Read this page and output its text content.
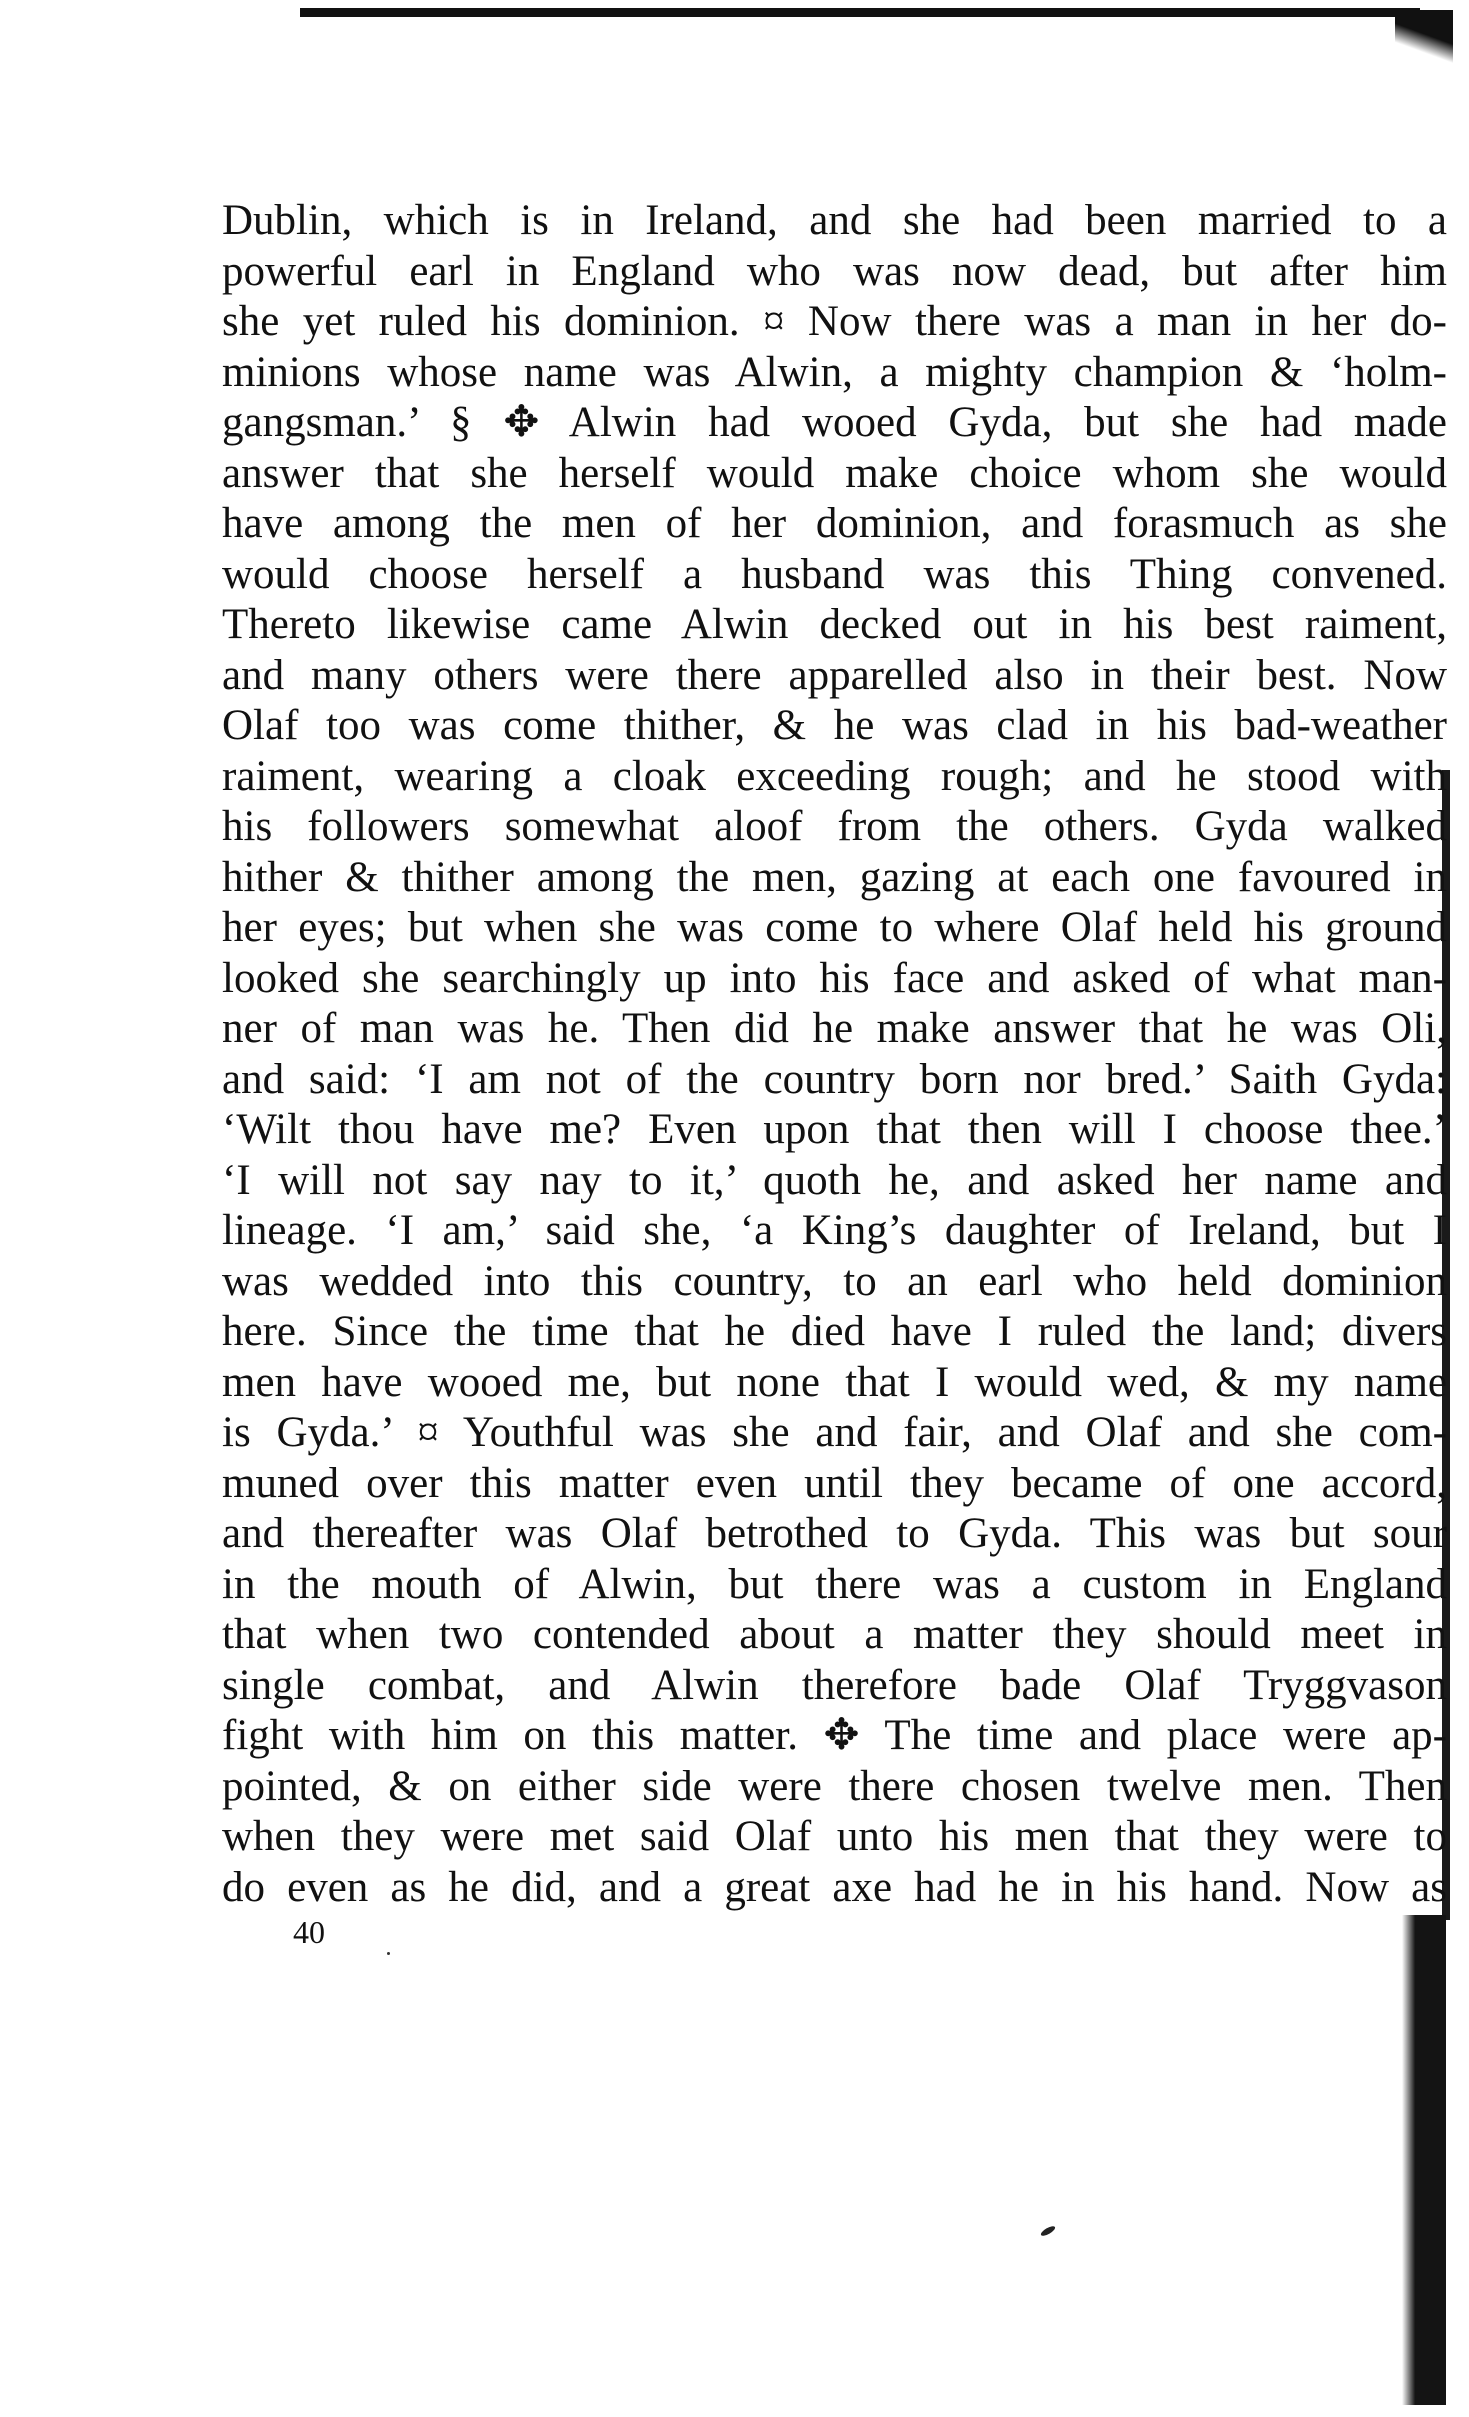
Dublin, which is in Ireland, and she had been married to a
powerful earl in England who was now dead, but after him
she yet ruled his dominion. ¤ Now there was a man in her do-
minions whose name was Alwin, a mighty champion & ‘holm-
gangsman.’ § ✥ Alwin had wooed Gyda, but she had made
answer that she herself would make choice whom she would
have among the men of her dominion, and forasmuch as she
would choose herself a husband was this Thing convened.
Thereto likewise came Alwin decked out in his best raiment,
and many others were there apparelled also in their best. Now
Olaf too was come thither, & he was clad in his bad-weather
raiment, wearing a cloak exceeding rough; and he stood with
his followers somewhat aloof from the others. Gyda walked
hither & thither among the men, gazing at each one favoured in
her eyes; but when she was come to where Olaf held his ground
looked she searchingly up into his face and asked of what man-
ner of man was he. Then did he make answer that he was Oli,
and said: ‘I am not of the country born nor bred.’ Saith Gyda:
‘Wilt thou have me? Even upon that then will I choose thee.’
‘I will not say nay to it,’ quoth he, and asked her name and
lineage. ‘I am,’ said she, ‘a King’s daughter of Ireland, but I
was wedded into this country, to an earl who held dominion
here. Since the time that he died have I ruled the land; divers
men have wooed me, but none that I would wed, & my name
is Gyda.’ ¤ Youthful was she and fair, and Olaf and she com-
muned over this matter even until they became of one accord,
and thereafter was Olaf betrothed to Gyda. This was but sour
in the mouth of Alwin, but there was a custom in England
that when two contended about a matter they should meet in
single combat, and Alwin therefore bade Olaf Tryggvason
fight with him on this matter. ✥ The time and place were ap-
pointed, & on either side were there chosen twelve men. Then
when they were met said Olaf unto his men that they were to
do even as he did, and a great axe had he in his hand. Now as
40
